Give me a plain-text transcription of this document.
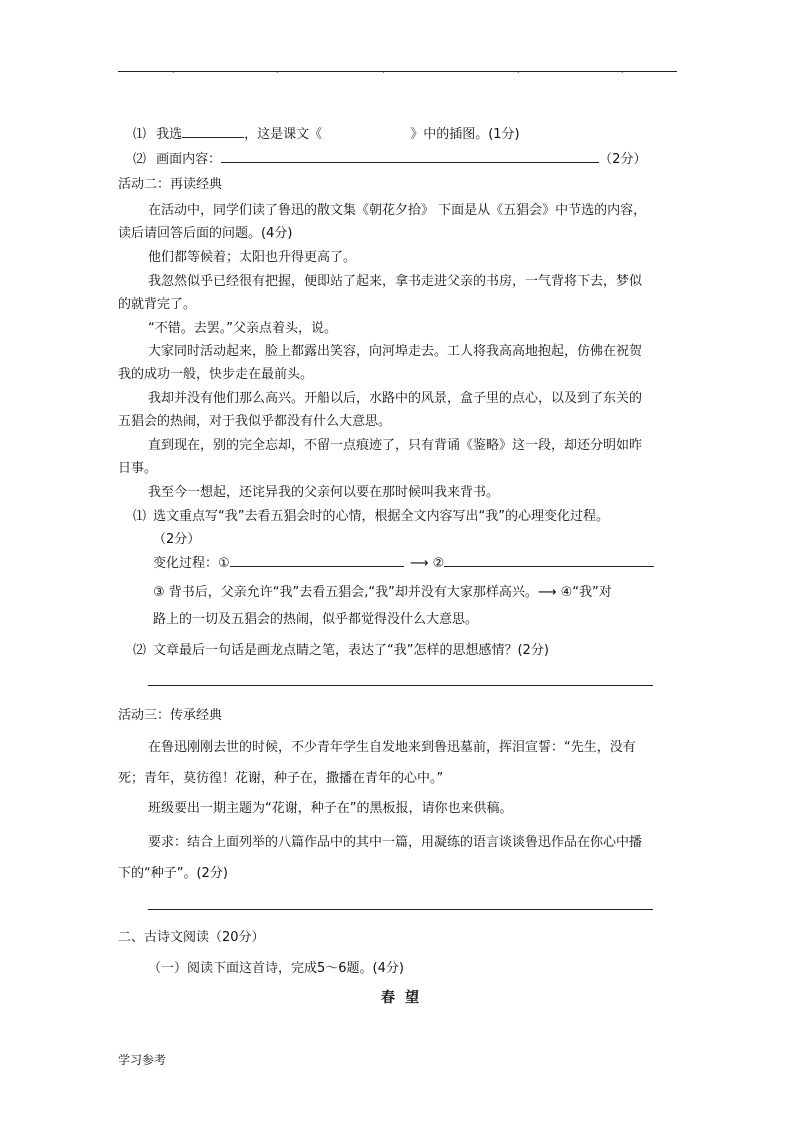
.	.	.	.	.
⑴ 我选	，这是课文《	》中的插图。(1分)
⑵ 画面内容：	（2分）
活动二：再读经典
在活动中，同学们读了鲁迅的散文集《朝花夕拾》 下面是从《五猖会》中节选的内容，
读后请回答后面的问题。(4分)
他们都等候着；太阳也升得更高了。
我忽然似乎已经很有把握，便即站了起来，拿书走进父亲的书房，一气背将下去，梦似
的就背完了。
“不错。去罢。”父亲点着头，说。
大家同时活动起来，脸上都露出笑容，向河埠走去。工人将我高高地抱起，仿佛在祝贺
我的成功一般，快步走在最前头。
我却并没有他们那么高兴。开船以后，水路中的风景，盒子里的点心，以及到了东关的
五猖会的热闹，对于我似乎都没有什么大意思。
直到现在，别的完全忘却，不留一点痕迹了，只有背诵《鉴略》这一段，却还分明如昨
日事。
我至今一想起，还诧异我的父亲何以要在那时候叫我来背书。
⑴ 选文重点写“我”去看五猖会时的心情，根据全文内容写出“我”的心理变化过程。
（2分）
变化过程：①	⟶ ②
③ 背书后，父亲允许“我”去看五猖会,“我”却并没有大家那样高兴。⟶ ④“我”对
路上的一切及五猖会的热闹，似乎都觉得没什么大意思。
⑵ 文章最后一句话是画龙点睛之笔，表达了“我”怎样的思想感情？(2分)
活动三：传承经典
在鲁迅刚刚去世的时候，不少青年学生自发地来到鲁迅墓前，挥泪宣誓：“先生，没有
死；青年，莫彷徨！花谢，种子在，撒播在青年的心中。”
班级要出一期主题为“花谢，种子在”的黑板报，请你也来供稿。
要求：结合上面列举的八篇作品中的其中一篇，用凝练的语言谈谈鲁迅作品在你心中播
下的“种子”。(2分)
二、古诗文阅读（20分）
（一）阅读下面这首诗，完成5～6题。(4分)
春望
学习参考
